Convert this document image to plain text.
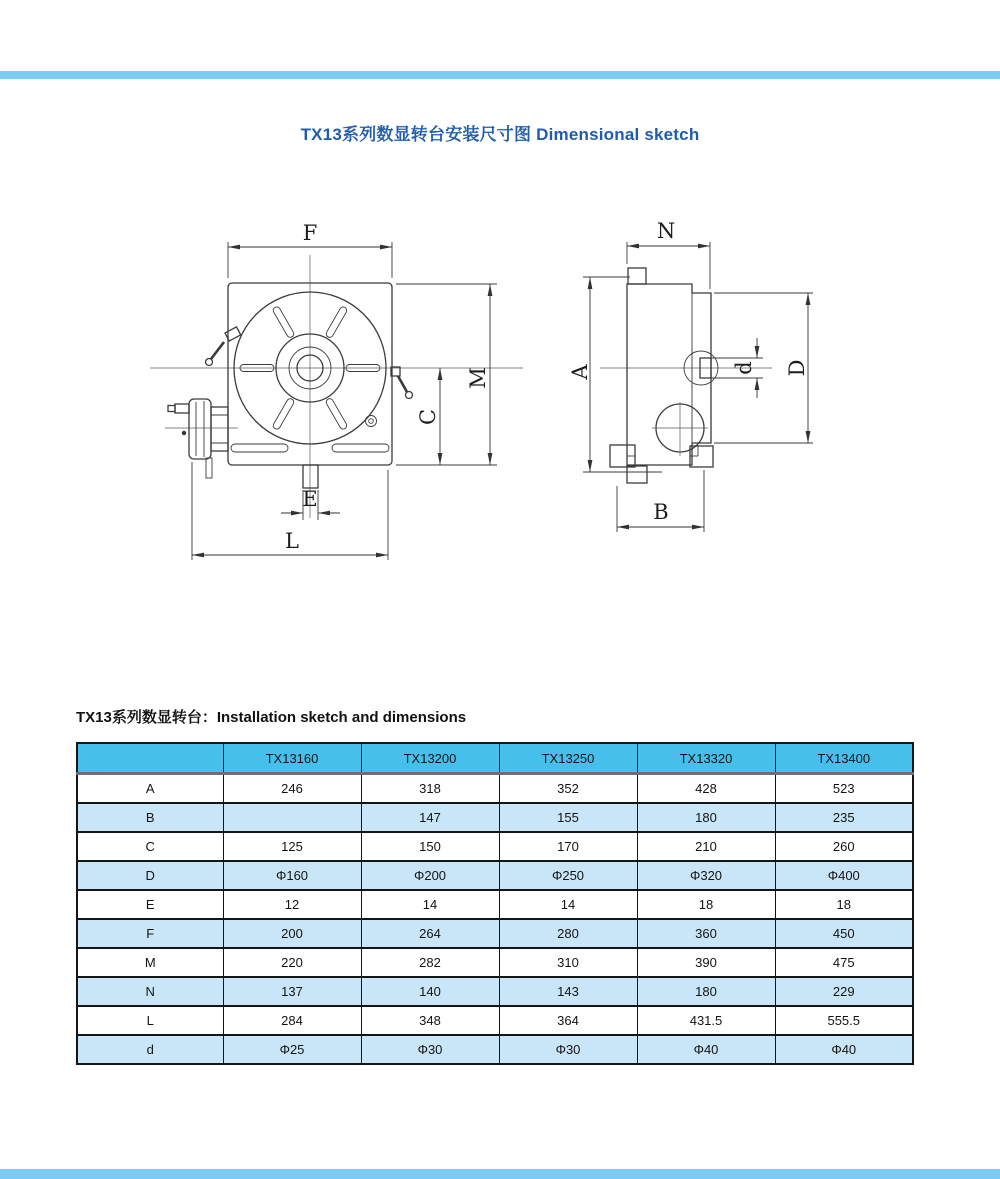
TX13系列数显转台安装尺寸图 Dimensional sketch
F
M
C
E
L
N
A	d D
B
TX13系列数显转台：Installation sketch and dimensions
	TX13160	TX13200	TX13250	TX13320	TX13400
A	246	318	352	428	523
B		147	155	180	235
C	125	150	170	210	260
D	Φ160	Φ200	Φ250	Φ320	Φ400
E	12	14	14	18	18
F	200	264	280	360	450
M	220	282	310	390	475
N	137	140	143	180	229
L	284	348	364	431.5	555.5
d	Φ25	Φ30	Φ30	Φ40	Φ40
